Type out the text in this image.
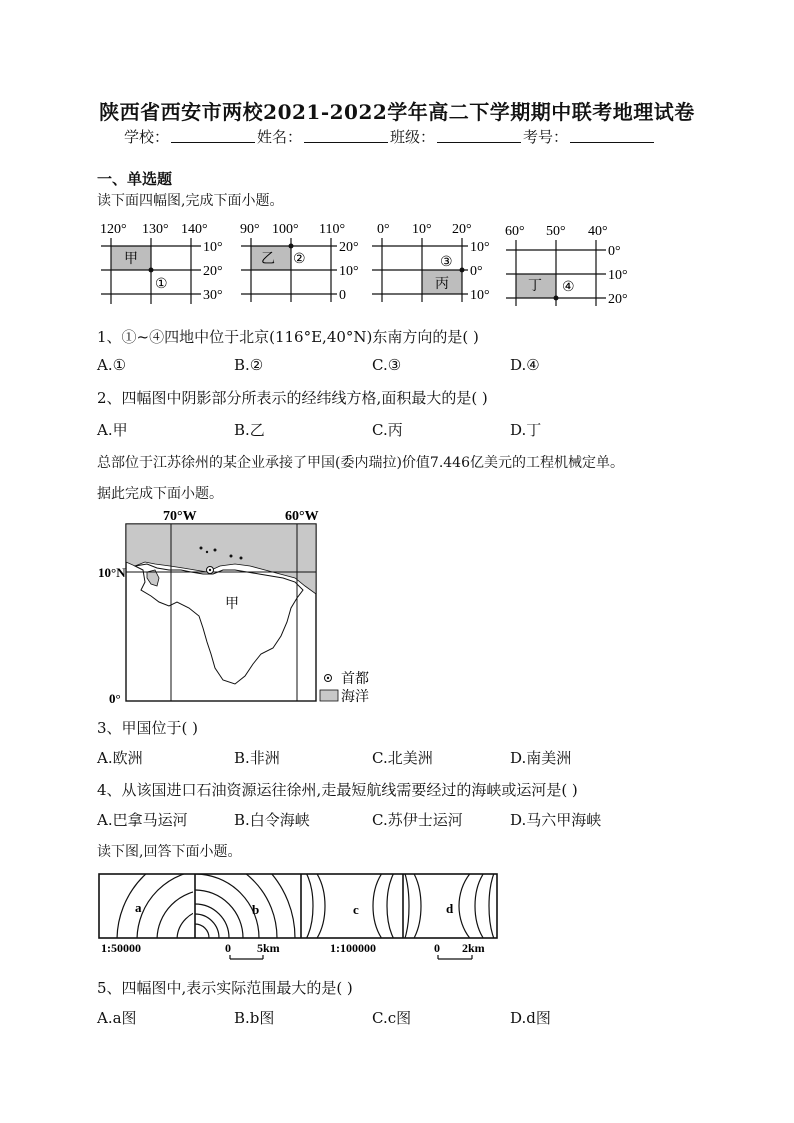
陕西省西安市两校2021-2022学年高二下学期期中联考地理试卷
学校：	姓名：	班级：	考号：
一、单选题
读下面四幅图,完成下面小题。
120° 130° 140°
甲
①
10°
20°
30°
90° 100° 110°
乙 ②
20°
10°
0
0° 10° 20°
丙
③
10°
0°
10°
60° 50° 40°
丁 ④
0°
10°
20°
1、①~④四地中位于北京(116°E,40°N)东南方向的是( )
A.①	B.②	C.③	D.④
2、四幅图中阴影部分所表示的经纬线方格,面积最大的是( )
A.甲	B.乙	C.丙	D.丁
总部位于江苏徐州的某企业承接了甲国(委内瑞拉)价值7.446亿美元的工程机械定单。
据此完成下面小题。
70°W	60°W
10°N
0°
甲
首都
海洋
3、甲国位于( )
A.欧洲	B.非洲	C.北美洲	D.南美洲
4、从该国进口石油资源运往徐州,走最短航线需要经过的海峡或运河是( )
A.巴拿马运河	B.白令海峡	C.苏伊士运河	D.马六甲海峡
读下图,回答下面小题。
a	b	c	d
1:50000	0 5km	1:100000	0 2km
5、四幅图中,表示实际范围最大的是( )
A.a图	B.b图	C.c图	D.d图
